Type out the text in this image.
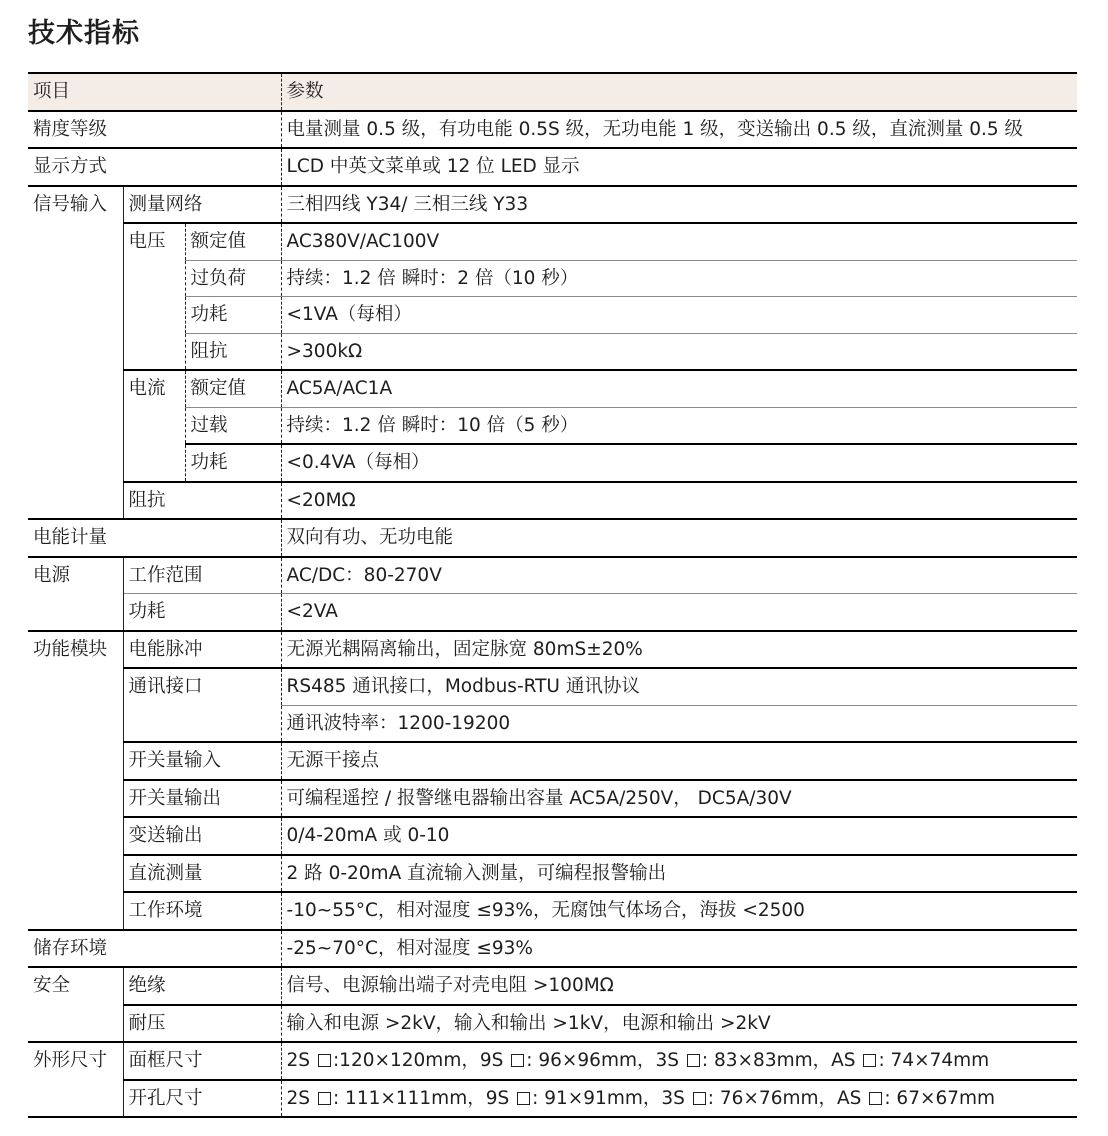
技术指标
项目			参数
精度等级			电量测量 0.5 级，有功电能 0.5S 级，无功电能 1 级，变送输出 0.5 级，直流测量 0.5 级
显示方式			LCD 中英文菜单或 12 位 LED 显示
信号输入	测量网络		三相四线 Y34/ 三相三线 Y33
	电压	额定值	AC380V/AC100V
		过负荷	持续：1.2 倍 瞬时：2 倍（10 秒）
		功耗	<1VA（每相）
		阻抗	>300kΩ
	电流	额定值	AC5A/AC1A
		过载	持续：1.2 倍 瞬时：10 倍（5 秒）
		功耗	<0.4VA（每相）
	阻抗		<20MΩ
电能计量			双向有功、无功电能
电源	工作范围		AC/DC：80-270V
	功耗		<2VA
功能模块	电能脉冲		无源光耦隔离输出，固定脉宽 80mS±20%
	通讯接口		RS485 通讯接口，Modbus-RTU 通讯协议
			通讯波特率：1200-19200
	开关量输入		无源干接点
	开关量输出		可编程遥控 / 报警继电器输出容量 AC5A/250V， DC5A/30V
	变送输出		0/4-20mA 或 0-10
	直流测量		2 路 0-20mA 直流输入测量，可编程报警输出
	工作环境		-10~55°C，相对湿度 ≤93%，无腐蚀气体场合，海拔 <2500
储存环境			-25~70°C，相对湿度 ≤93%
安全	绝缘		信号、电源输出端子对壳电阻 >100MΩ
	耐压		输入和电源 >2kV，输入和输出 >1kV，电源和输出 >2kV
外形尺寸	面框尺寸		2S :120×120mm，9S : 96×96mm，3S : 83×83mm，AS : 74×74mm
	开孔尺寸		2S : 111×111mm，9S : 91×91mm，3S : 76×76mm，AS : 67×67mm
